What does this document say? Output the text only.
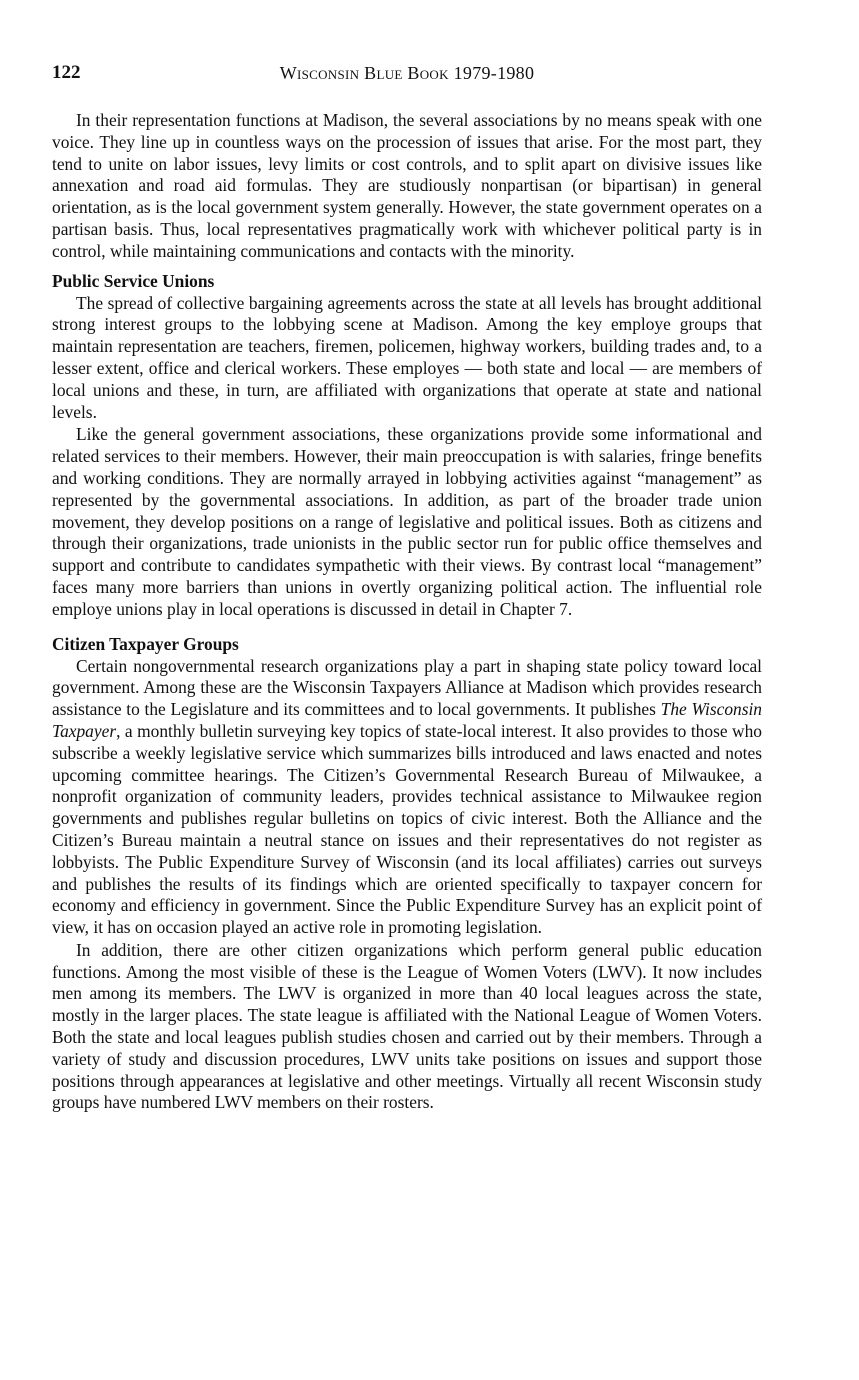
122	Wisconsin Blue Book 1979-1980

In their representation functions at Madison, the several associations by no means speak with one voice. They line up in countless ways on the procession of issues that arise. For the most part, they tend to unite on labor issues, levy limits or cost controls, and to split apart on divisive issues like annexation and road aid formulas. They are studiously nonpartisan (or bipartisan) in general orientation, as is the local government system generally. However, the state government operates on a partisan basis. Thus, local representatives pragmatically work with whichever political party is in control, while maintaining communications and contacts with the minority.

Public Service Unions

The spread of collective bargaining agreements across the state at all levels has brought additional strong interest groups to the lobbying scene at Madison. Among the key employe groups that maintain representation are teachers, firemen, policemen, highway workers, building trades and, to a lesser extent, office and clerical workers. These employes — both state and local — are members of local unions and these, in turn, are affiliated with organizations that operate at state and national levels.

Like the general government associations, these organizations provide some informational and related services to their members. However, their main preoccupation is with salaries, fringe benefits and working conditions. They are normally arrayed in lobbying activities against “management” as represented by the governmental associations. In addition, as part of the broader trade union movement, they develop positions on a range of legislative and political issues. Both as citizens and through their organizations, trade unionists in the public sector run for public office themselves and support and contribute to candidates sympathetic with their views. By contrast local “management” faces many more barriers than unions in overtly organizing political action. The influential role employe unions play in local operations is discussed in detail in Chapter 7.

Citizen Taxpayer Groups

Certain nongovernmental research organizations play a part in shaping state policy toward local government. Among these are the Wisconsin Taxpayers Alliance at Madison which provides research assistance to the Legislature and its committees and to local governments. It publishes The Wisconsin Taxpayer, a monthly bulletin surveying key topics of state-local interest. It also provides to those who subscribe a weekly legislative service which summarizes bills introduced and laws enacted and notes upcoming committee hearings. The Citizen’s Governmental Research Bureau of Milwaukee, a nonprofit organization of community leaders, provides technical assistance to Milwaukee region governments and publishes regular bulletins on topics of civic interest. Both the Alliance and the Citizen’s Bureau maintain a neutral stance on issues and their representatives do not register as lobbyists. The Public Expenditure Survey of Wisconsin (and its local affiliates) carries out surveys and publishes the results of its findings which are oriented specifically to taxpayer concern for economy and efficiency in government. Since the Public Expenditure Survey has an explicit point of view, it has on occasion played an active role in promoting legislation.

In addition, there are other citizen organizations which perform general public education functions. Among the most visible of these is the League of Women Voters (LWV). It now includes men among its members. The LWV is organized in more than 40 local leagues across the state, mostly in the larger places. The state league is affiliated with the National League of Women Voters. Both the state and local leagues publish studies chosen and carried out by their members. Through a variety of study and discussion procedures, LWV units take positions on issues and support those positions through appearances at legislative and other meetings. Virtually all recent Wisconsin study groups have numbered LWV members on their rosters.
